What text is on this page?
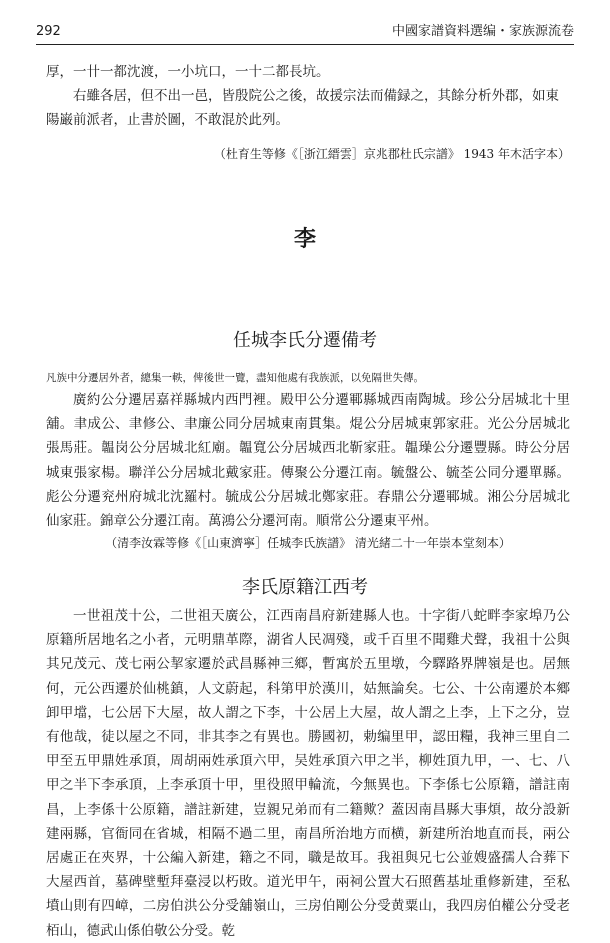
292	中國家譜資料選编・家族源流卷

厚，一卄一都沈渡，一小坑口，一十二都長坑。

右雖各居，但不出一邑，皆殷院公之後，故援宗法而備録之，其餘分析外郡，如東陽巌前派者，止書於圖，不敢混於此列。

（杜育生等修《［浙江縉雲］京兆郡杜氏宗譜》 1943 年木活字本）

李
任城李氏分遷備考

凡族中分遷居外者，總集一軼，俾後世一覽，盡知他處有我族派，以免隔世失傳。

廣約公分遷居嘉祥縣城内西門裡。殿甲公分遷鄆縣城西南陶城。珍公分居城北十里舖。聿成公、聿修公、聿廉公同分居城東南貫集。焜公分居城東郭家莊。光公分居城北張馬莊。韞岗公分居城北紅廟。韞寬公分居城西北靳家莊。韞璪公分遷豐縣。時公分居城東張家楊。聯洋公分居城北戴家莊。傳聚公分遷江南。毓盤公、毓荃公同分遷單縣。彪公分遷兖州府城北沈羅村。毓成公分居城北鄭家莊。春鼎公分遷鄆城。湘公分居城北仙家莊。錦章公分遷江南。萬鴻公分遷河南。順常公分遷東平州。

（清李汝霖等修《［山東濟寧］任城李氏族譜》 清光緒二十一年崇本堂刻本）

李氏原籍江西考

一世祖茂十公，二世祖天廣公，江西南昌府新建縣人也。十字街八蛇畔李家埠乃公原籍所居地名之小者，元明鼎革際，湖省人民凋殘，或千百里不聞雞犬聲，我祖十公與其兄茂元、茂七兩公挈家遷於武昌縣神三鄉，暫寓於五里墩，今驛路界牌嶺是也。居無何，元公西遷於仙桃鎮，人文蔚起，科第甲於漢川，姑無論矣。七公、十公南遷於本鄉卸甲壋，七公居下大屋，故人謂之下李，十公居上大屋，故人謂之上李，上下之分，豈有他哉，徒以屋之不同，非其李之有異也。勝國初，勅编里甲，認田糧，我神三里自二甲至五甲鼎姓承頂，周胡兩姓承頂六甲，吴姓承頂六甲之半，柳姓頂九甲，一、七、八甲之半下李承頂，上李承頂十甲，里役照甲輪流，今無異也。下李係七公原籍，譜註南昌，上李係十公原籍，譜註新建，豈親兄弟而有二籍歟？蓋因南昌縣大事煩，故分設新建兩縣，官衙同在省城，相隔不過二里，南昌所治地方而横，新建所治地直而長，兩公居處正在夾界，十公編入新建，籍之不同，職是故耳。我祖與兄七公並嫂盛孺人合葬下大屋西首，墓碑壁塹拜臺浸以朽敗。道光甲午，兩祠公置大石照舊基址重修新建，至私墳山則有四嶂，二房伯洪公分受舖嶺山，三房伯剛公分受黄粟山，我四房伯權公分受老栢山，德武山係伯敬公分受。乾
